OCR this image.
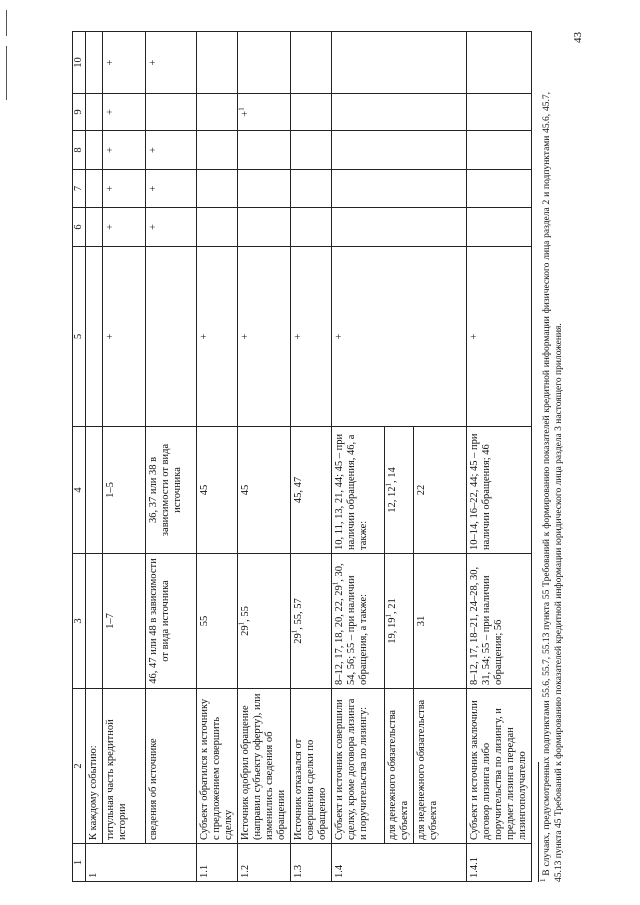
1	2	3	4	5	6	7	8	9	10
1	К каждому событию:								
	титульная часть кредитной истории	1–7	1–5	+	+	+	+	+	+
	сведения об источнике	46, 47 или 48 в зависимости от вида источника	36, 37 или 38 в зависимости от вида источника		+	+	+		+
1.1	Субъект обратился к источнику с предложением совершить сделку	55	45	+					
1.2	Источник одобрил обращение (направил субъекту оферту), или изменились сведения об обращении	$29^1$, 55	45	+				+$^1$	
1.3	Источник отказался от совершения сделки по обращению	$29^1$, 55, 57	45, 47	+					
1.4	Субъект и источник совершили сделку, кроме договора лизинга и поручительства по лизингу:	8–12, 17, 18, 20, 22, $29^1$, 30, 54, 56; 55 – при наличии обращения, а также:	10, 11, 13, 21, 44; 45 – при наличии обращения, 46, а также:	+					
	для денежного обязательства субъекта	19, $19^1$, 21	12, $12^1$, 14						
	для неденежного обязательства субъекта	31	22						
1.4.1	Субъект и источник заключили договор лизинга либо поручительства по лизингу, и предмет лизинга передан лизингополучателю	8–12, 17, 18–21, 24–28, 30, 31, 54; 55 – при наличии обращения; 56	10–14, 16–22, 44; 45 – при наличии обращения; 46	+					
$^1$ В случаях, предусмотренных подпунктами 55.6, 55.7, 55.13 пункта 55 Требований к формированию показателей кредитной информации физического лица раздела 2 и подпунктами 45.6, 45.7, 45.13 пункта 45 Требований к формированию показателей кредитной информации юридического лица раздела 3 настоящего приложения.
43
